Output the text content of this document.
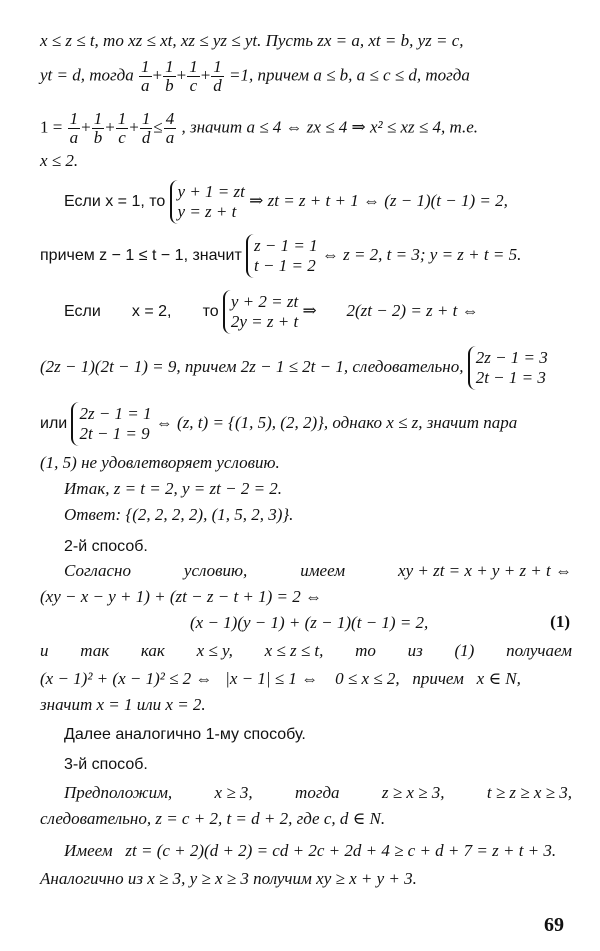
x ≤ z ≤ t, то xz ≤ xt, xz ≤ yz ≤ yt. Пусть zx = a, xt = b, yz = c,
yt = d, тогда $\frac{1}{a} + \frac{1}{b} + \frac{1}{c} + \frac{1}{d} =1$, причем a ≤ b, a ≤ c ≤ d, тогда
$1 = \frac{1}{a} + \frac{1}{b} + \frac{1}{c} + \frac{1}{d} \le \frac{4}{a}$ , значит a ≤ 4 ⇔ zx ≤ 4 ⇒ x² ≤ xz ≤ 4, т.е.
x ≤ 2.
Если x = 1, то
y + 1 = zt
y = z + t
⇒ zt = z + t + 1 ⇔ (z − 1)(t − 1) = 2,
причем z − 1 ≤ t − 1, значит
z − 1 = 1
t − 1 = 2
⇔ z = 2, t = 3; y = z + t = 5.
Если       x = 2,       то
y + 2 = zt
2y = z + t
⇒       2(zt − 2) = z + t ⇔
(2z − 1)(2t − 1) = 9, причем 2z − 1 ≤ 2t − 1, следовательно, 2z − 1 = 3
2t − 1 = 3
или
2z − 1 = 1
2t − 1 = 9
⇔ (z, t) = {(1, 5), (2, 2)}, однако x ≤ z, значит пара
(1, 5) не удовлетворяет условию.
Итак, z = t = 2, y = zt − 2 = 2.
Ответ: {(2, 2, 2, 2), (1, 5, 2, 3)}.
2-й способ.
Согласно	условию,	имеем	xy + zt = x + y + z + t ⇔
(xy − x − y + 1) + (zt − z − t + 1) = 2 ⇔
(x − 1)(y − 1) + (z − 1)(t − 1) = 2,	(1)
и так как x ≤ y, x ≤ z ≤ t, то из (1) получаем
(x − 1)² + (x − 1)² ≤ 2 ⇔   |x − 1| ≤ 1 ⇔    0 ≤ x ≤ 2,   причем   x ∈ N,
значит x = 1 или x = 2.
Далее аналогично 1-му способу.
3-й способ.
Предположим, x ≥ 3, тогда z ≥ x ≥ 3, t ≥ z ≥ x ≥ 3,
следовательно, z = c + 2, t = d + 2, где c, d ∈ N.
Имеем   zt = (c + 2)(d + 2) = cd + 2c + 2d + 4 ≥ c + d + 7 = z + t + 3.
Аналогично из x ≥ 3, y ≥ x ≥ 3 получим xy ≥ x + y + 3.
69
